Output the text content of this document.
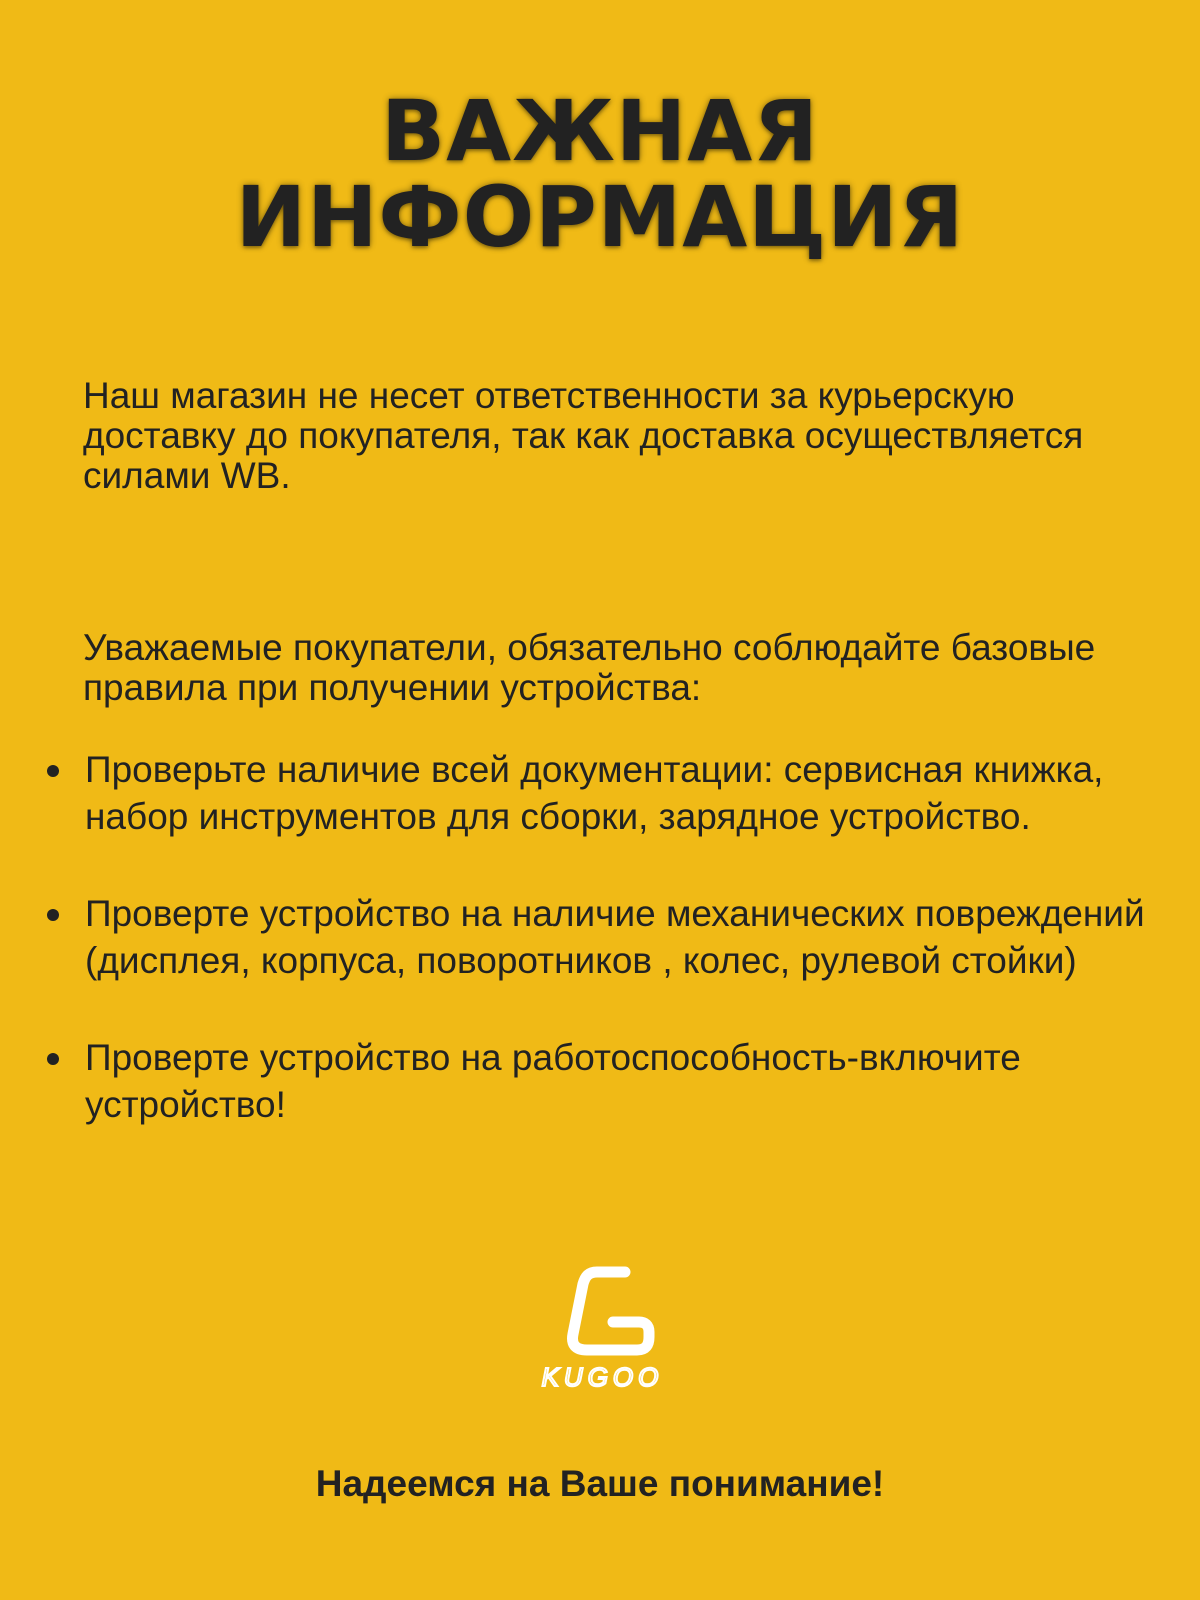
ВАЖНАЯ
ИНФОРМАЦИЯ

Наш магазин не несет ответственности за курьерскую доставку до покупателя, так как доставка осуществляется силами WB.

Уважаемые покупатели, обязательно соблюдайте базовые правила при получении устройства:

Проверьте наличие всей документации: сервисная книжка, набор инструментов для сборки, зарядное устройство.
Проверте устройство на наличие механических повреждений (дисплея, корпуса, поворотников , колес, рулевой стойки)
Проверте устройство на работоспособность-включите устройство!
KUGOO

Надеемся на Ваше понимание!
